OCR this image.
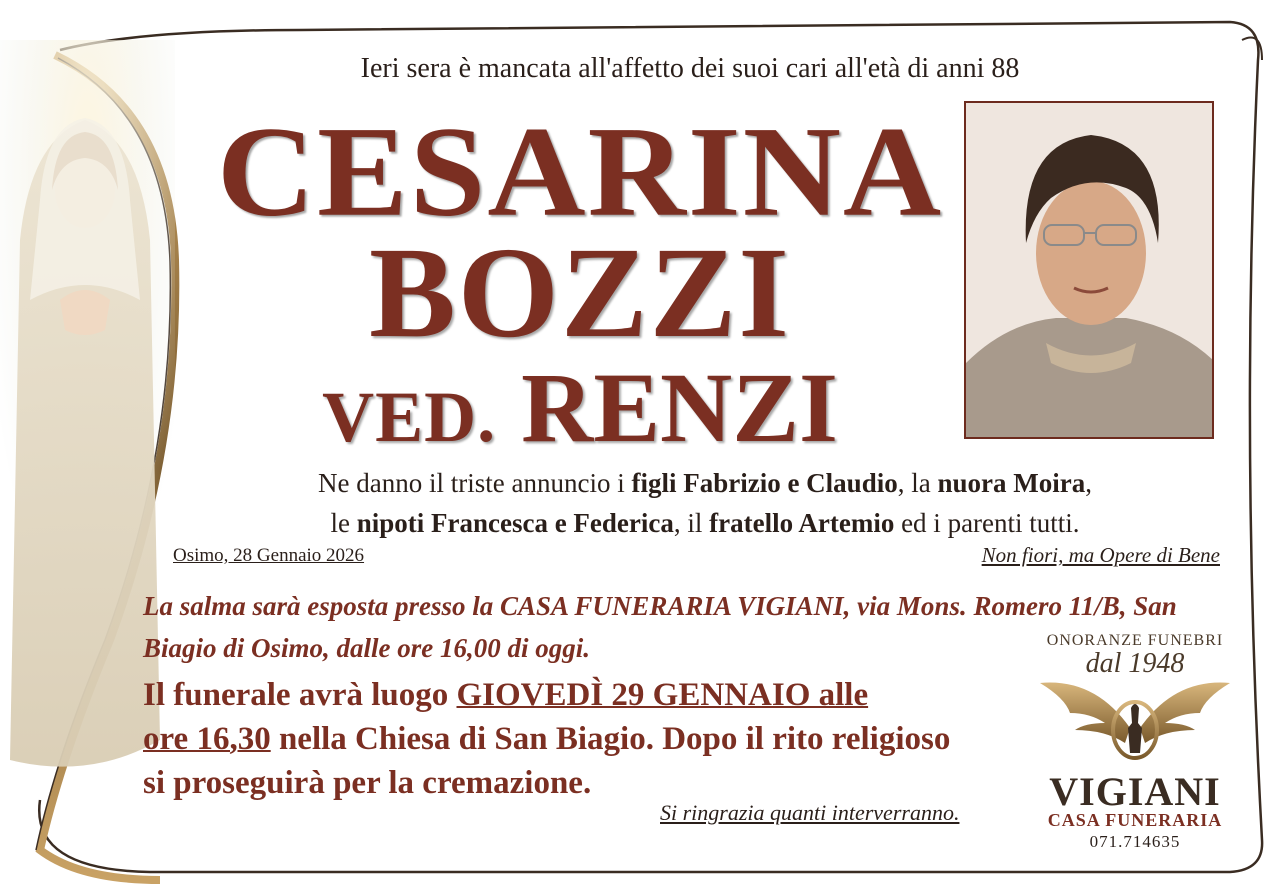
Ieri sera è mancata all'affetto dei suoi cari all'età di anni 88
CESARINA
BOZZI
VED. RENZI
Ne danno il triste annuncio i figli Fabrizio e Claudio, la nuora Moira,
le nipoti Francesca e Federica, il fratello Artemio ed i parenti tutti.
Osimo, 28 Gennaio 2026	Non fiori, ma Opere di Bene
La salma sarà esposta presso la CASA FUNERARIA VIGIANI, via Mons. Romero 11/B, San Biagio di Osimo, dalle ore 16,00 di oggi.
Il funerale avrà luogo GIOVEDÌ 29 GENNAIO alle
ore 16,30 nella Chiesa di San Biagio. Dopo il rito religioso si proseguirà per la cremazione.
Si ringrazia quanti interverranno.
ONORANZE FUNEBRI
dal 1948
VIGIANI
CASA FUNERARIA
071.714635
